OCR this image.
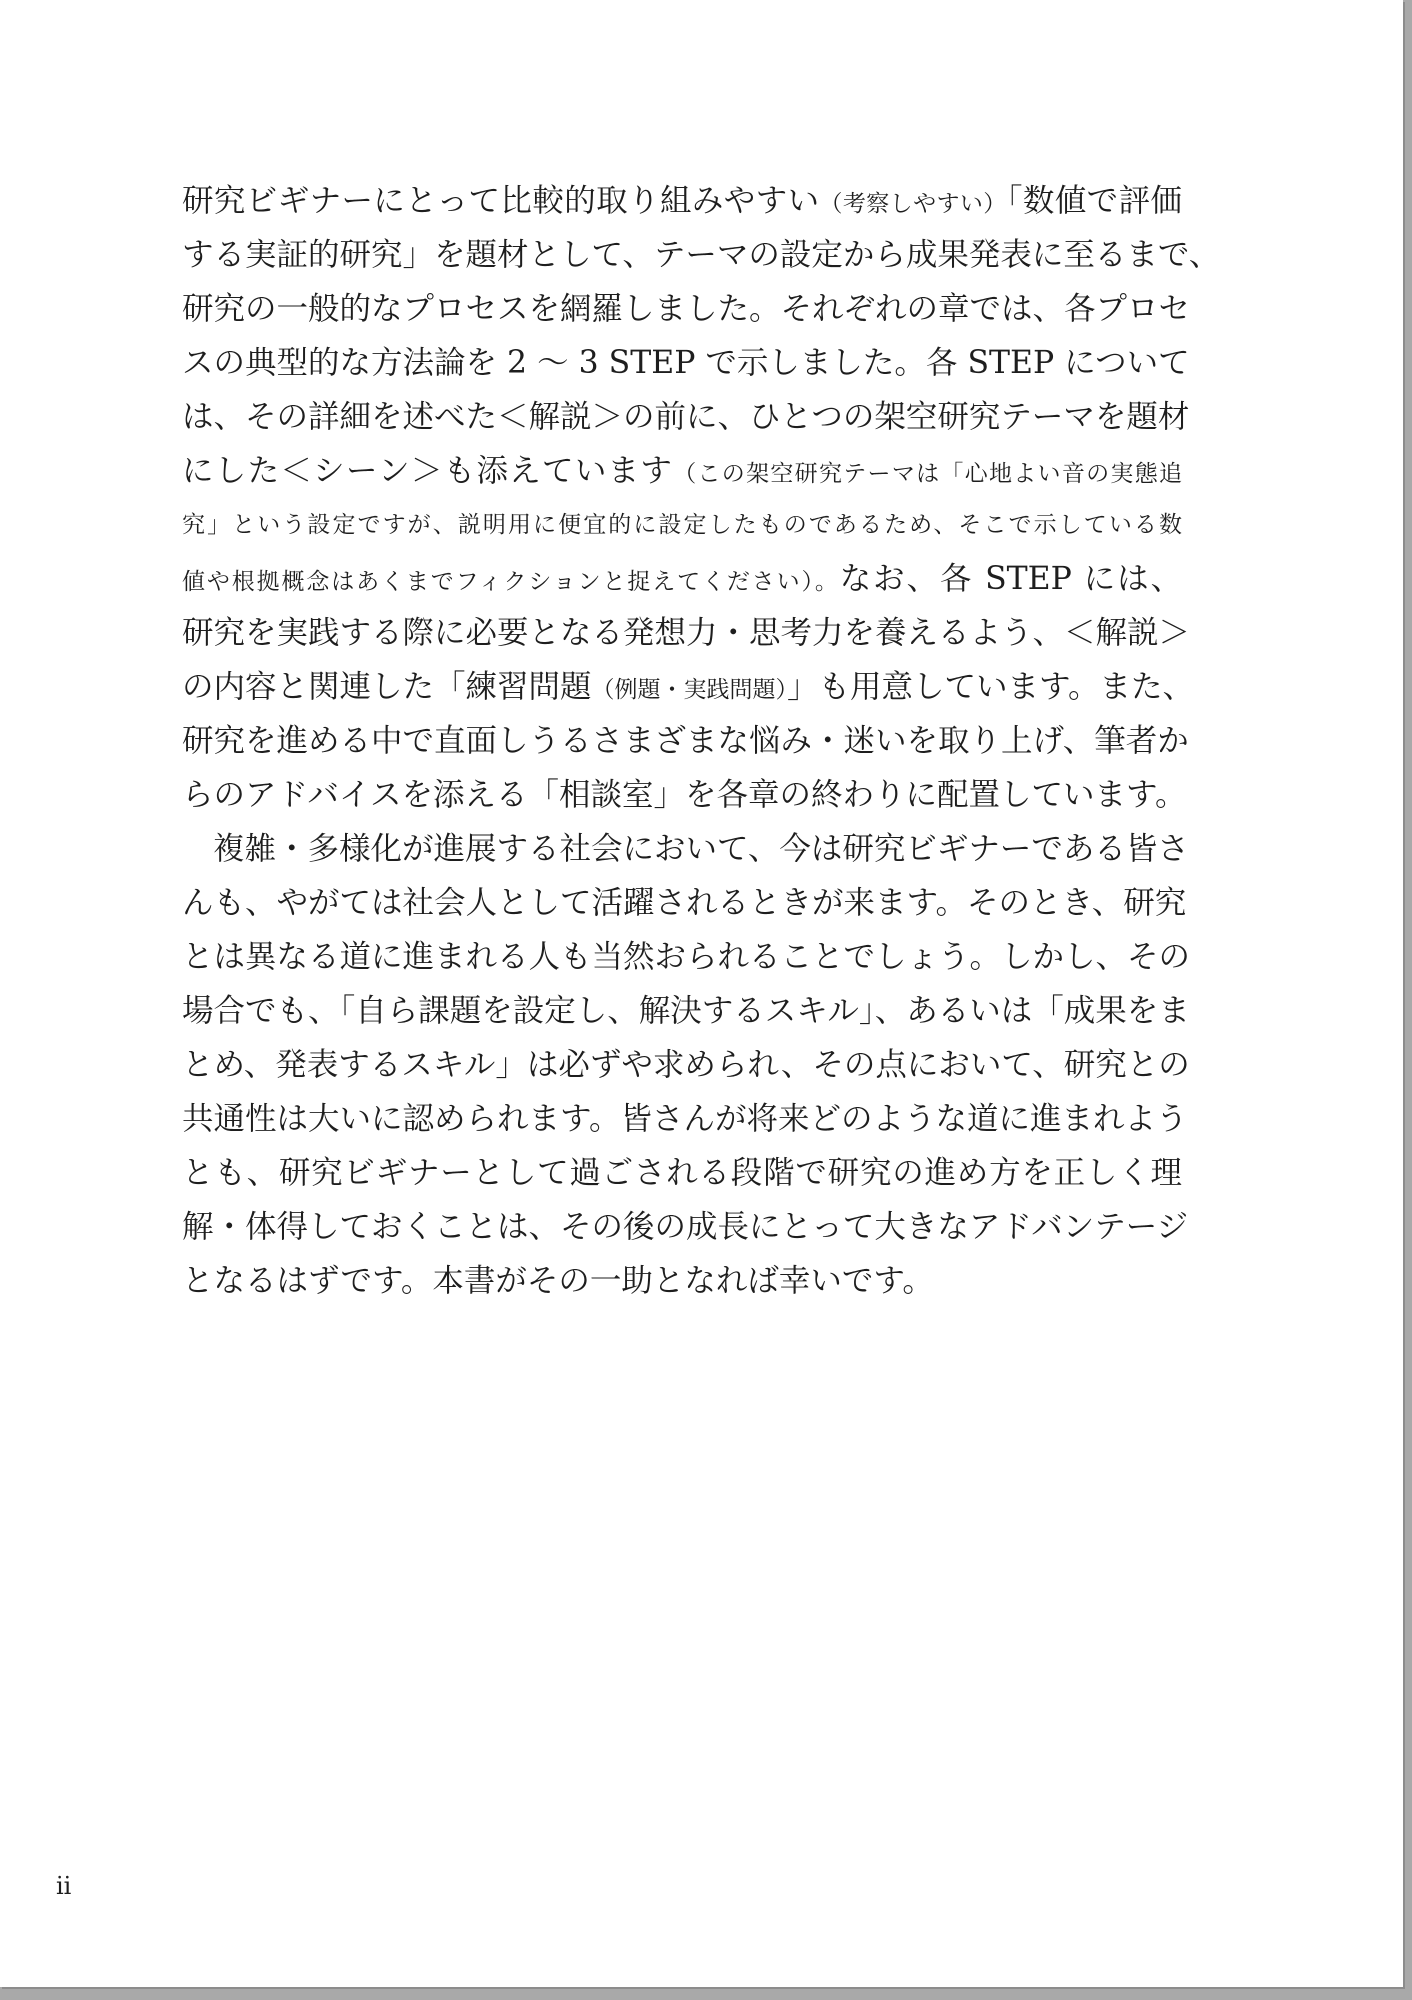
研究ビギナーにとって比較的取り組みやすい（考察しやすい）「数値で評価
する実証的研究」を題材として、テーマの設定から成果発表に至るまで、
研究の一般的なプロセスを網羅しました。それぞれの章では、各プロセ
スの典型的な方法論を 2 ～ 3 STEP で示しました。各 STEP について
は、その詳細を述べた＜解説＞の前に、ひとつの架空研究テーマを題材
にした＜シーン＞も添えています（この架空研究テーマは「心地よい音の実態追
究」という設定ですが、説明用に便宜的に設定したものであるため、そこで示している数
値や根拠概念はあくまでフィクションと捉えてください）。なお、各 STEP には、
研究を実践する際に必要となる発想力・思考力を養えるよう、＜解説＞
の内容と関連した「練習問題（例題・実践問題）」も用意しています。また、
研究を進める中で直面しうるさまざまな悩み・迷いを取り上げ、筆者か
らのアドバイスを添える「相談室」を各章の終わりに配置しています。
複雑・多様化が進展する社会において、今は研究ビギナーである皆さ
んも、やがては社会人として活躍されるときが来ます。そのとき、研究
とは異なる道に進まれる人も当然おられることでしょう。しかし、その
場合でも、「自ら課題を設定し、解決するスキル」、あるいは「成果をま
とめ、発表するスキル」は必ずや求められ、その点において、研究との
共通性は大いに認められます。皆さんが将来どのような道に進まれよう
とも、研究ビギナーとして過ごされる段階で研究の進め方を正しく理
解・体得しておくことは、その後の成長にとって大きなアドバンテージ
となるはずです。本書がその一助となれば幸いです。

ii
